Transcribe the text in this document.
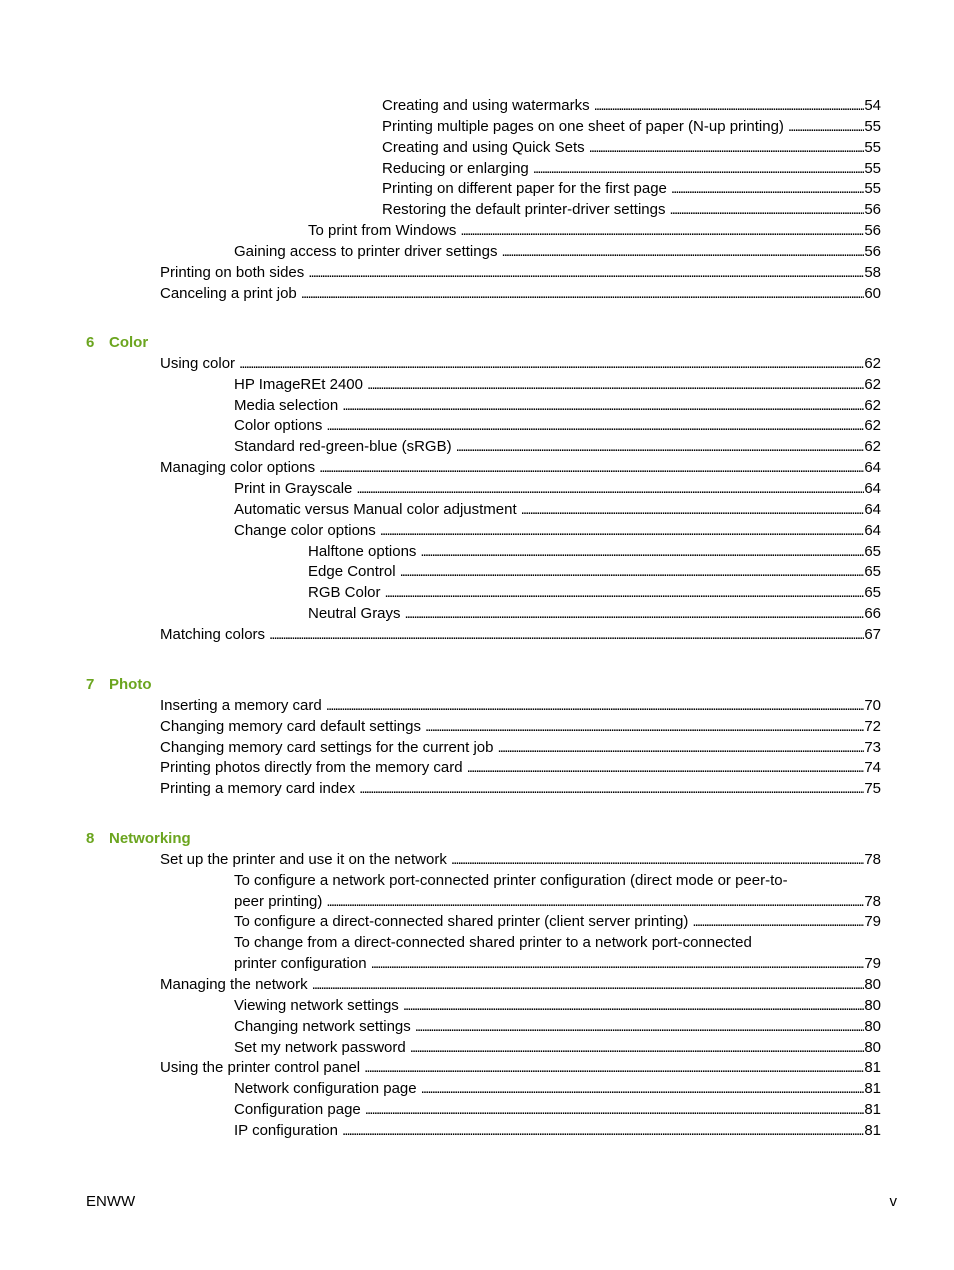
Creating and using watermarks . . .	54
Printing multiple pages on one sheet of paper (N-up printing) . . .	55
Creating and using Quick Sets . . .	55
Reducing or enlarging . . .	55
Printing on different paper for the first page . . .	55
Restoring the default printer-driver settings . . .	56
To print from Windows . . .	56
Gaining access to printer driver settings . . .	56
Printing on both sides . . .	58
Canceling a print job . . .	60
6 Color
Using color . . .	62
HP ImageREt 2400 . . .	62
Media selection . . .	62
Color options . . .	62
Standard red-green-blue (sRGB) . . .	62
Managing color options . . .	64
Print in Grayscale . . .	64
Automatic versus Manual color adjustment . . .	64
Change color options . . .	64
Halftone options . . .	65
Edge Control . . .	65
RGB Color . . .	65
Neutral Grays . . .	66
Matching colors . . .	67
7 Photo
Inserting a memory card . . .	70
Changing memory card default settings . . .	72
Changing memory card settings for the current job . . .	73
Printing photos directly from the memory card . . .	74
Printing a memory card index . . .	75
8 Networking
Set up the printer and use it on the network . . .	78
To configure a network port-connected printer configuration (direct mode or peer-to-
peer printing) . . .	78
To configure a direct-connected shared printer (client server printing) . . .	79
To change from a direct-connected shared printer to a network port-connected
printer configuration . . .	79
Managing the network . . .	80
Viewing network settings . . .	80
Changing network settings . . .	80
Set my network password . . .	80
Using the printer control panel . . .	81
Network configuration page . . .	81
Configuration page . . .	81
IP configuration . . .	81
ENWW	v
